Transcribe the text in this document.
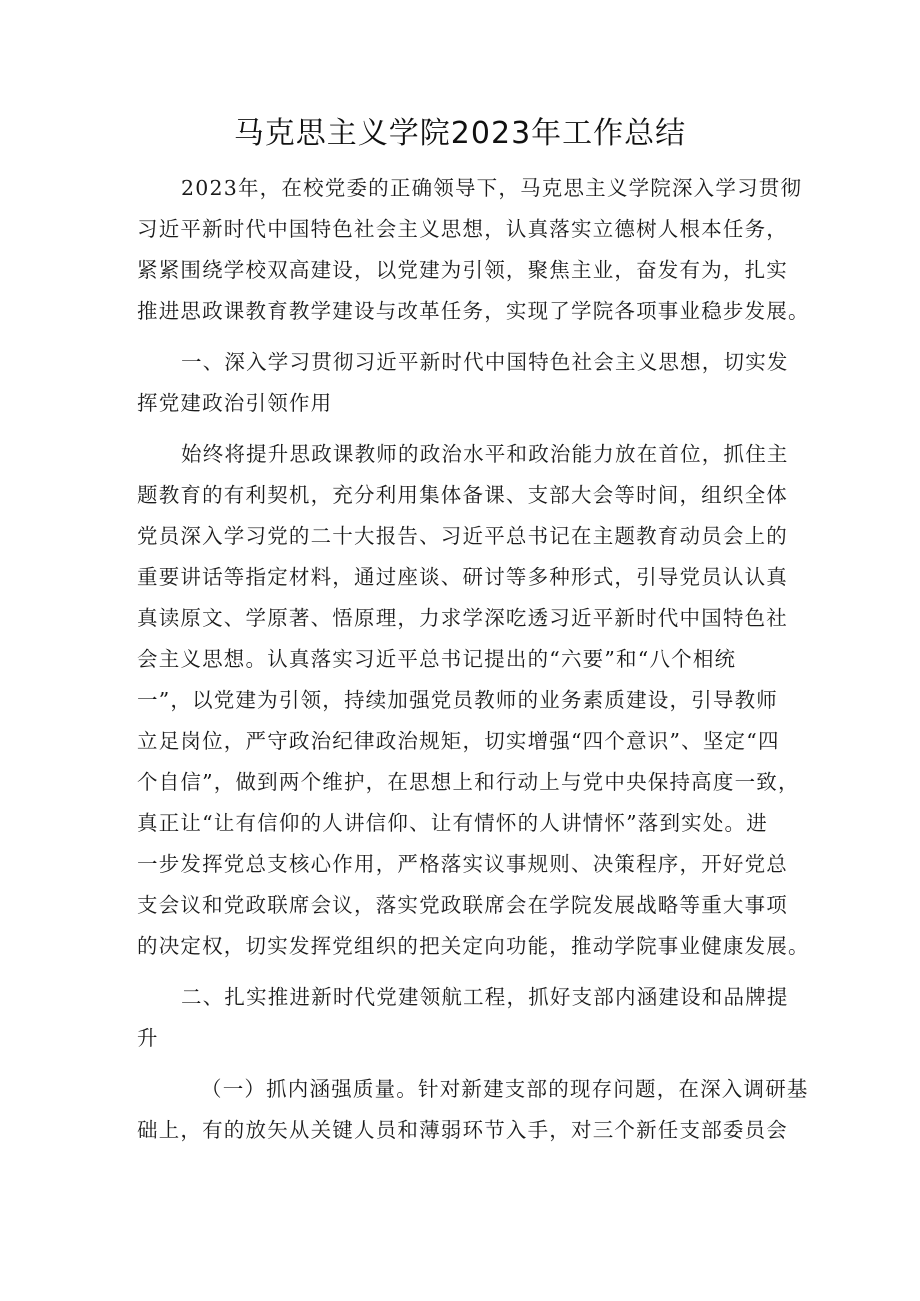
马克思主义学院2023年工作总结

2023年，在校党委的正确领导下，马克思主义学院深入学习贯彻
习近平新时代中国特色社会主义思想，认真落实立德树人根本任务，
紧紧围绕学校双高建设，以党建为引领，聚焦主业，奋发有为，扎实
推进思政课教育教学建设与改革任务，实现了学院各项事业稳步发展。

一、深入学习贯彻习近平新时代中国特色社会主义思想，切实发
挥党建政治引领作用

始终将提升思政课教师的政治水平和政治能力放在首位，抓住主
题教育的有利契机，充分利用集体备课、支部大会等时间，组织全体
党员深入学习党的二十大报告、习近平总书记在主题教育动员会上的
重要讲话等指定材料，通过座谈、研讨等多种形式，引导党员认认真
真读原文、学原著、悟原理，力求学深吃透习近平新时代中国特色社
会主义思想。认真落实习近平总书记提出的“六要”和“八个相统
一”，以党建为引领，持续加强党员教师的业务素质建设，引导教师
立足岗位，严守政治纪律政治规矩，切实增强“四个意识”、坚定“四
个自信”，做到两个维护，在思想上和行动上与党中央保持高度一致，
真正让“让有信仰的人讲信仰、让有情怀的人讲情怀”落到实处。进
一步发挥党总支核心作用，严格落实议事规则、决策程序，开好党总
支会议和党政联席会议，落实党政联席会在学院发展战略等重大事项
的决定权，切实发挥党组织的把关定向功能，推动学院事业健康发展。

二、扎实推进新时代党建领航工程，抓好支部内涵建设和品牌提
升

（一）抓内涵强质量。针对新建支部的现存问题，在深入调研基
础上，有的放矢从关键人员和薄弱环节入手，对三个新任支部委员会
